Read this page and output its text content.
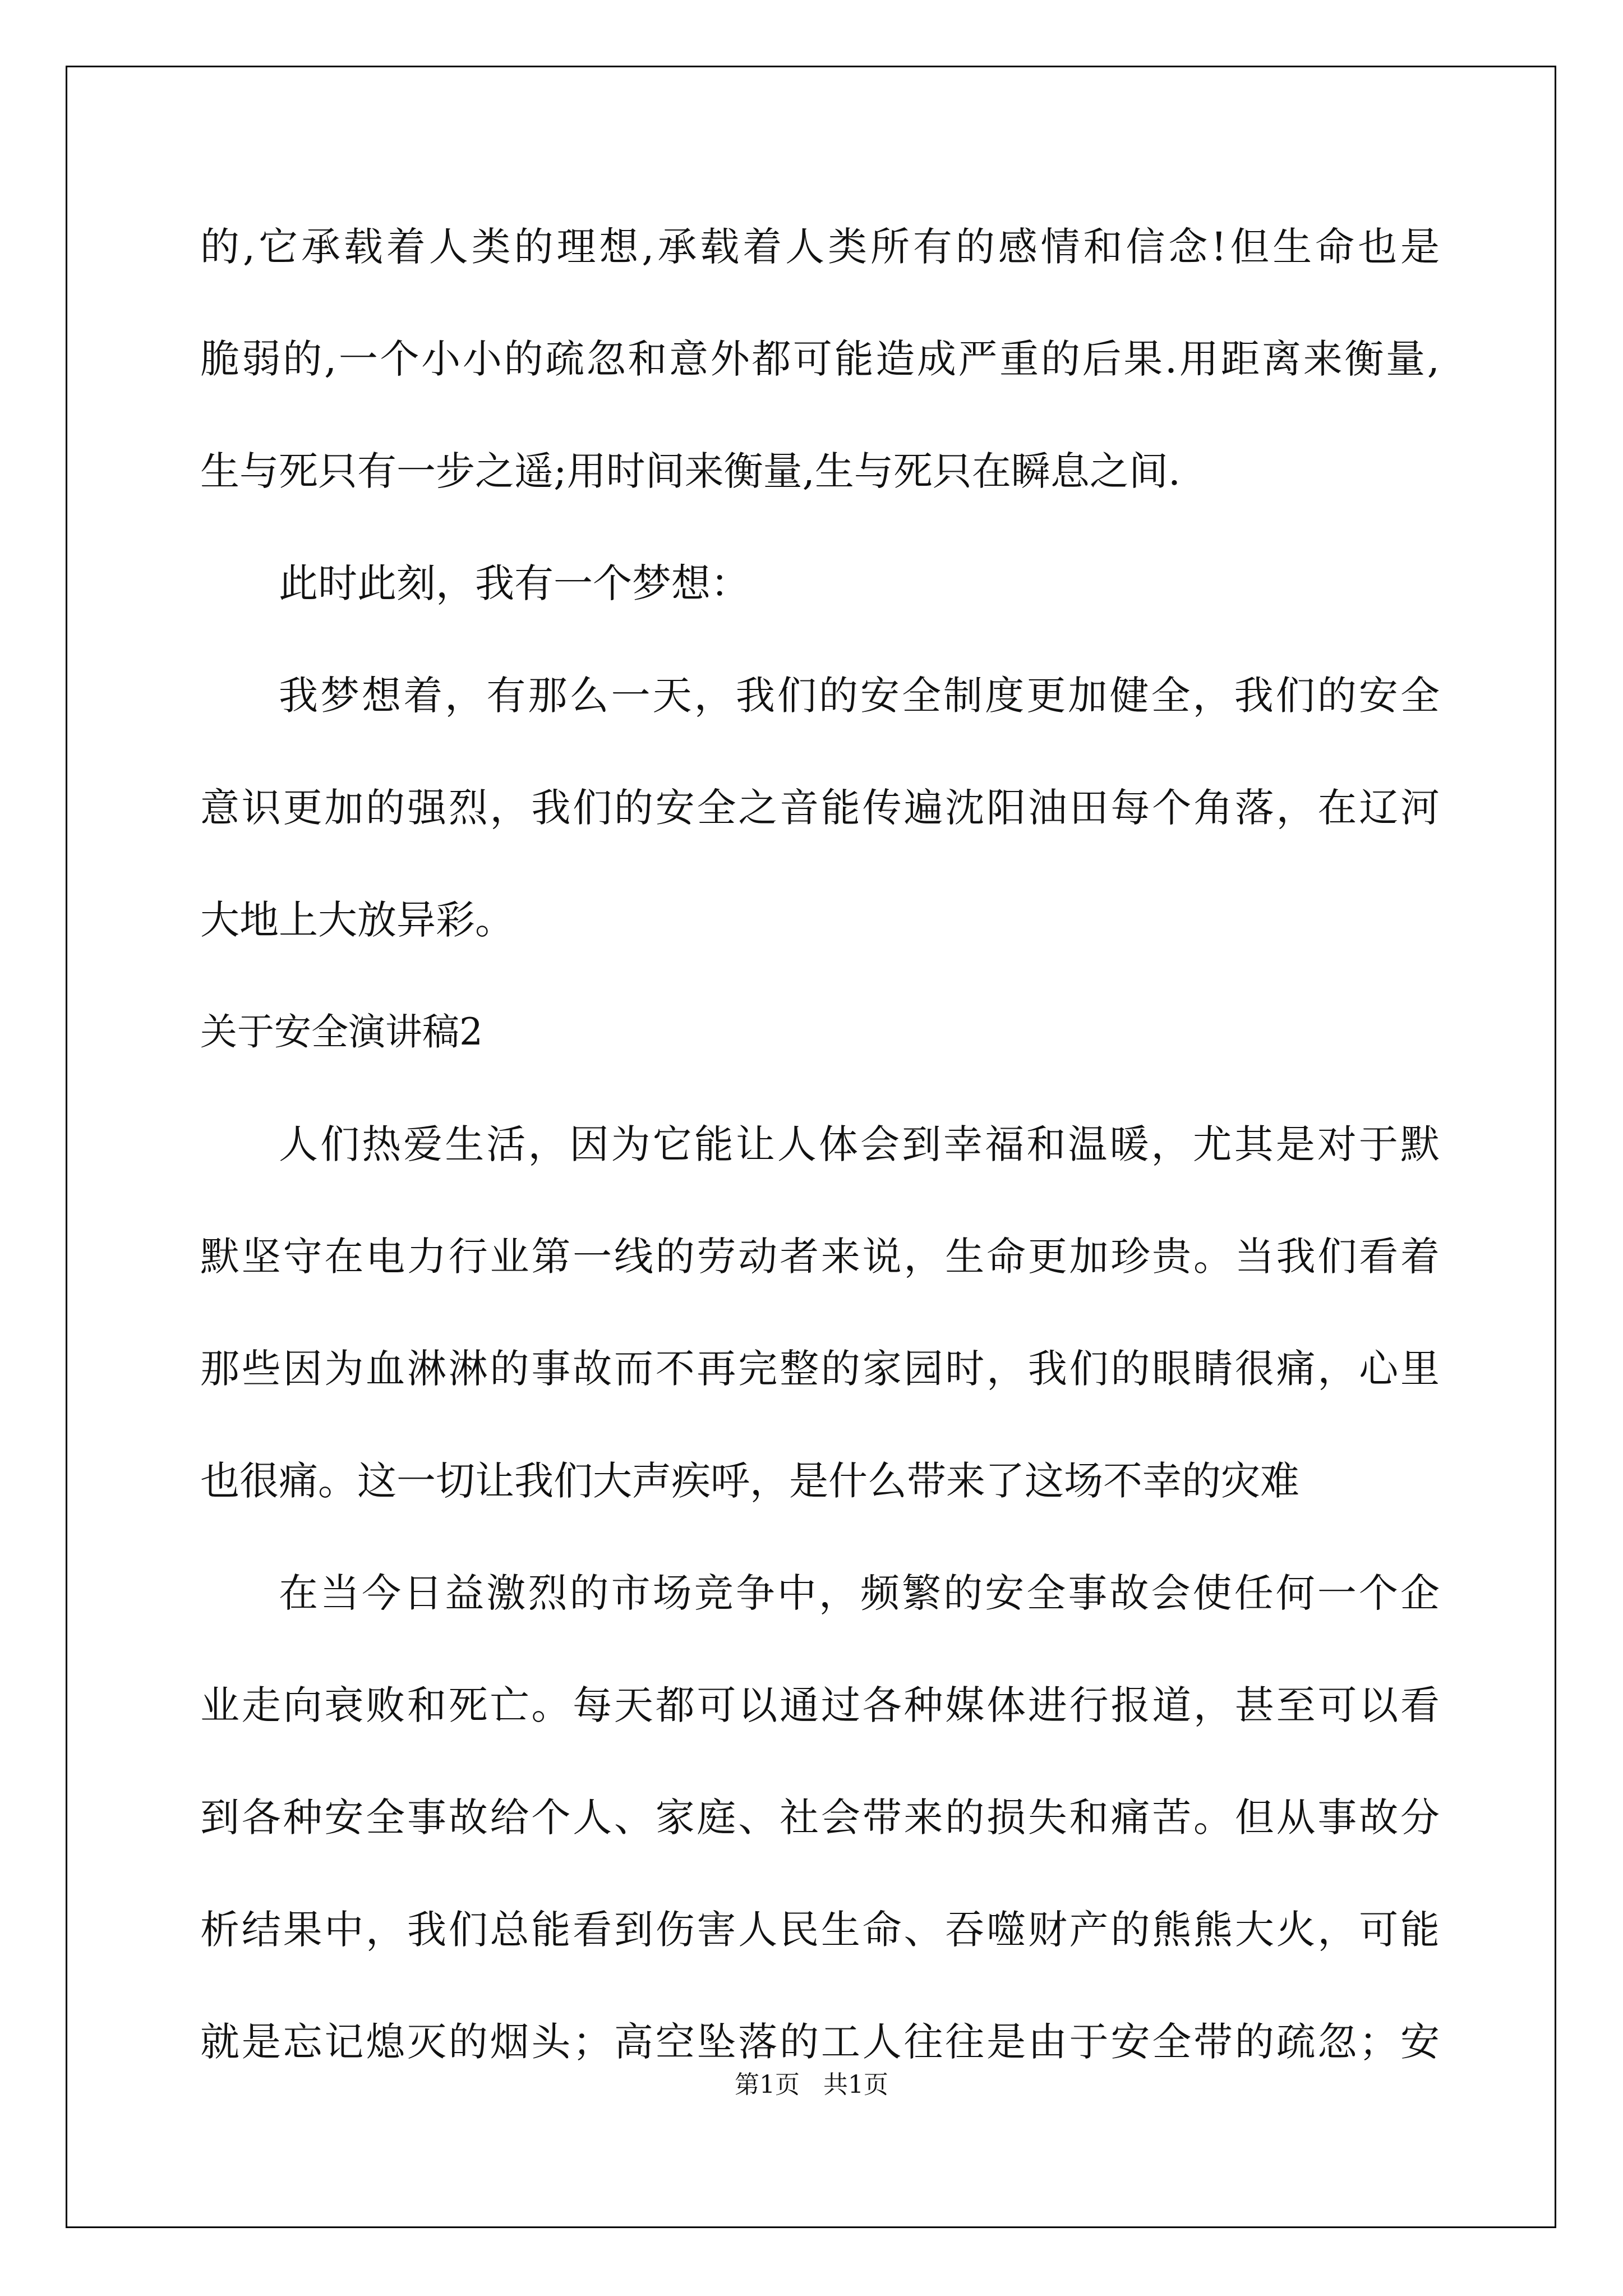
的,它承载着人类的理想,承载着人类所有的感情和信念!但生命也是
脆弱的,一个小小的疏忽和意外都可能造成严重的后果.用距离来衡量,
生与死只有一步之遥;用时间来衡量,生与死只在瞬息之间.
此时此刻，我有一个梦想：
我梦想着，有那么一天，我们的安全制度更加健全，我们的安全
意识更加的强烈，我们的安全之音能传遍沈阳油田每个角落，在辽河
大地上大放异彩。
关于安全演讲稿2
人们热爱生活，因为它能让人体会到幸福和温暖，尤其是对于默
默坚守在电力行业第一线的劳动者来说，生命更加珍贵。当我们看着
那些因为血淋淋的事故而不再完整的家园时，我们的眼睛很痛，心里
也很痛。这一切让我们大声疾呼，是什么带来了这场不幸的灾难
在当今日益激烈的市场竞争中，频繁的安全事故会使任何一个企
业走向衰败和死亡。每天都可以通过各种媒体进行报道，甚至可以看
到各种安全事故给个人、家庭、社会带来的损失和痛苦。但从事故分
析结果中，我们总能看到伤害人民生命、吞噬财产的熊熊大火，可能
就是忘记熄灭的烟头；高空坠落的工人往往是由于安全带的疏忽；安
第1页   共1页
